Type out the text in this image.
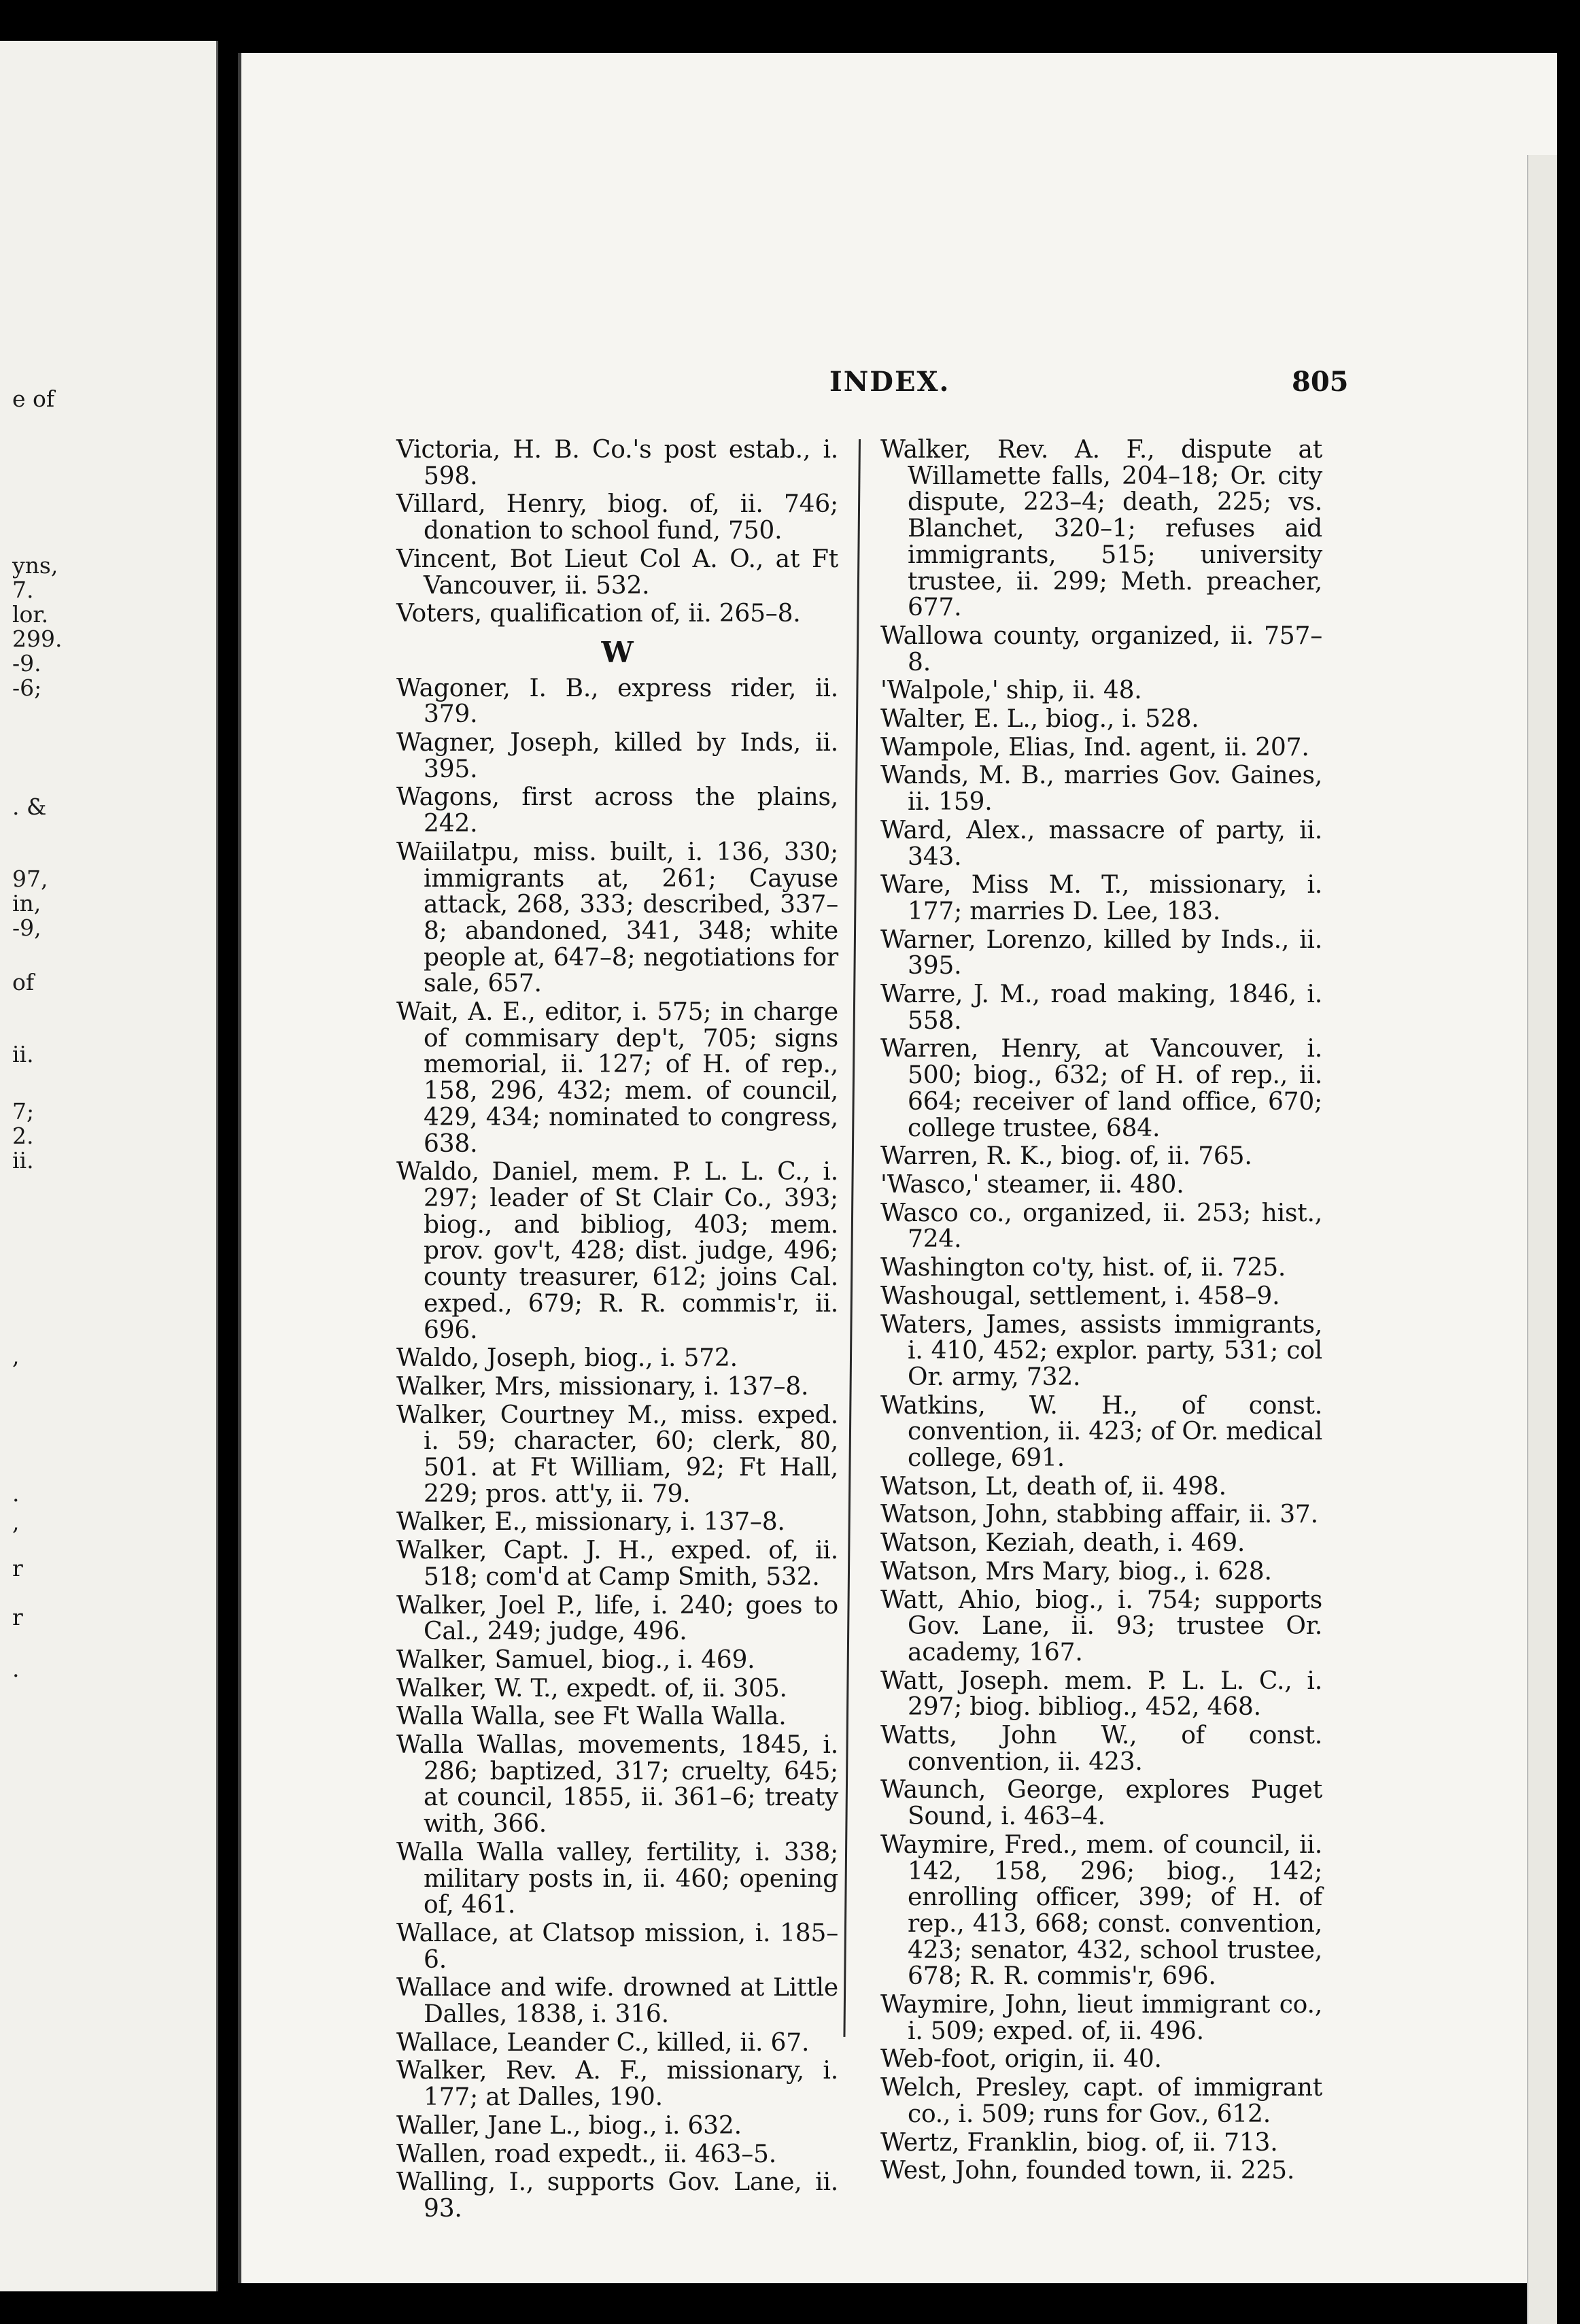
e of
yns,
7.
lor.
299.
-9.
-6;
. &
97,
in,
-9,
of
ii.
7;
2.
ii.
,
.
,
r
r
.
INDEX.	805
Victoria, H. B. Co.'s post estab., i. 598.
Villard, Henry, biog. of, ii. 746; donation to school fund, 750.
Vincent, Bot Lieut Col A. O., at Ft Vancouver, ii. 532.
Voters, qualification of, ii. 265–8.
W
Wagoner, I. B., express rider, ii. 379.
Wagner, Joseph, killed by Inds, ii. 395.
Wagons, first across the plains, 242.
Waiilatpu, miss. built, i. 136, 330; immigrants at, 261; Cayuse attack, 268, 333; described, 337–8; abandoned, 341, 348; white people at, 647–8; negotiations for sale, 657.
Wait, A. E., editor, i. 575; in charge of commisary dep't, 705; signs memorial, ii. 127; of H. of rep., 158, 296, 432; mem. of council, 429, 434; nominated to congress, 638.
Waldo, Daniel, mem. P. L. L. C., i. 297; leader of St Clair Co., 393; biog., and bibliog, 403; mem. prov. gov't, 428; dist. judge, 496; county treasurer, 612; joins Cal. exped., 679; R. R. commis'r, ii. 696.
Waldo, Joseph, biog., i. 572.
Walker, Mrs, missionary, i. 137–8.
Walker, Courtney M., miss. exped. i. 59; character, 60; clerk, 80, 501. at Ft William, 92; Ft Hall, 229; pros. att'y, ii. 79.
Walker, E., missionary, i. 137–8.
Walker, Capt. J. H., exped. of, ii. 518; com'd at Camp Smith, 532.
Walker, Joel P., life, i. 240; goes to Cal., 249; judge, 496.
Walker, Samuel, biog., i. 469.
Walker, W. T., expedt. of, ii. 305.
Walla Walla, see Ft Walla Walla.
Walla Wallas, movements, 1845, i. 286; baptized, 317; cruelty, 645; at council, 1855, ii. 361–6; treaty with, 366.
Walla Walla valley, fertility, i. 338; military posts in, ii. 460; opening of, 461.
Wallace, at Clatsop mission, i. 185–6.
Wallace and wife. drowned at Little Dalles, 1838, i. 316.
Wallace, Leander C., killed, ii. 67.
Walker, Rev. A. F., missionary, i. 177; at Dalles, 190.
Waller, Jane L., biog., i. 632.
Wallen, road expedt., ii. 463–5.
Walling, I., supports Gov. Lane, ii. 93.
Walker, Rev. A. F., dispute at Willamette falls, 204–18; Or. city dispute, 223–4; death, 225; vs. Blanchet, 320–1; refuses aid immigrants, 515; university trustee, ii. 299; Meth. preacher, 677.
Wallowa county, organized, ii. 757–8.
'Walpole,' ship, ii. 48.
Walter, E. L., biog., i. 528.
Wampole, Elias, Ind. agent, ii. 207.
Wands, M. B., marries Gov. Gaines, ii. 159.
Ward, Alex., massacre of party, ii. 343.
Ware, Miss M. T., missionary, i. 177; marries D. Lee, 183.
Warner, Lorenzo, killed by Inds., ii. 395.
Warre, J. M., road making, 1846, i. 558.
Warren, Henry, at Vancouver, i. 500; biog., 632; of H. of rep., ii. 664; receiver of land office, 670; college trustee, 684.
Warren, R. K., biog. of, ii. 765.
'Wasco,' steamer, ii. 480.
Wasco co., organized, ii. 253; hist., 724.
Washington co'ty, hist. of, ii. 725.
Washougal, settlement, i. 458–9.
Waters, James, assists immigrants, i. 410, 452; explor. party, 531; col Or. army, 732.
Watkins, W. H., of const. convention, ii. 423; of Or. medical college, 691.
Watson, Lt, death of, ii. 498.
Watson, John, stabbing affair, ii. 37.
Watson, Keziah, death, i. 469.
Watson, Mrs Mary, biog., i. 628.
Watt, Ahio, biog., i. 754; supports Gov. Lane, ii. 93; trustee Or. academy, 167.
Watt, Joseph. mem. P. L. L. C., i. 297; biog. bibliog., 452, 468.
Watts, John W., of const. convention, ii. 423.
Waunch, George, explores Puget Sound, i. 463–4.
Waymire, Fred., mem. of council, ii. 142, 158, 296; biog., 142; enrolling officer, 399; of H. of rep., 413, 668; const. convention, 423; senator, 432, school trustee, 678; R. R. commis'r, 696.
Waymire, John, lieut immigrant co., i. 509; exped. of, ii. 496.
Web-foot, origin, ii. 40.
Welch, Presley, capt. of immigrant co., i. 509; runs for Gov., 612.
Wertz, Franklin, biog. of, ii. 713.
West, John, founded town, ii. 225.
